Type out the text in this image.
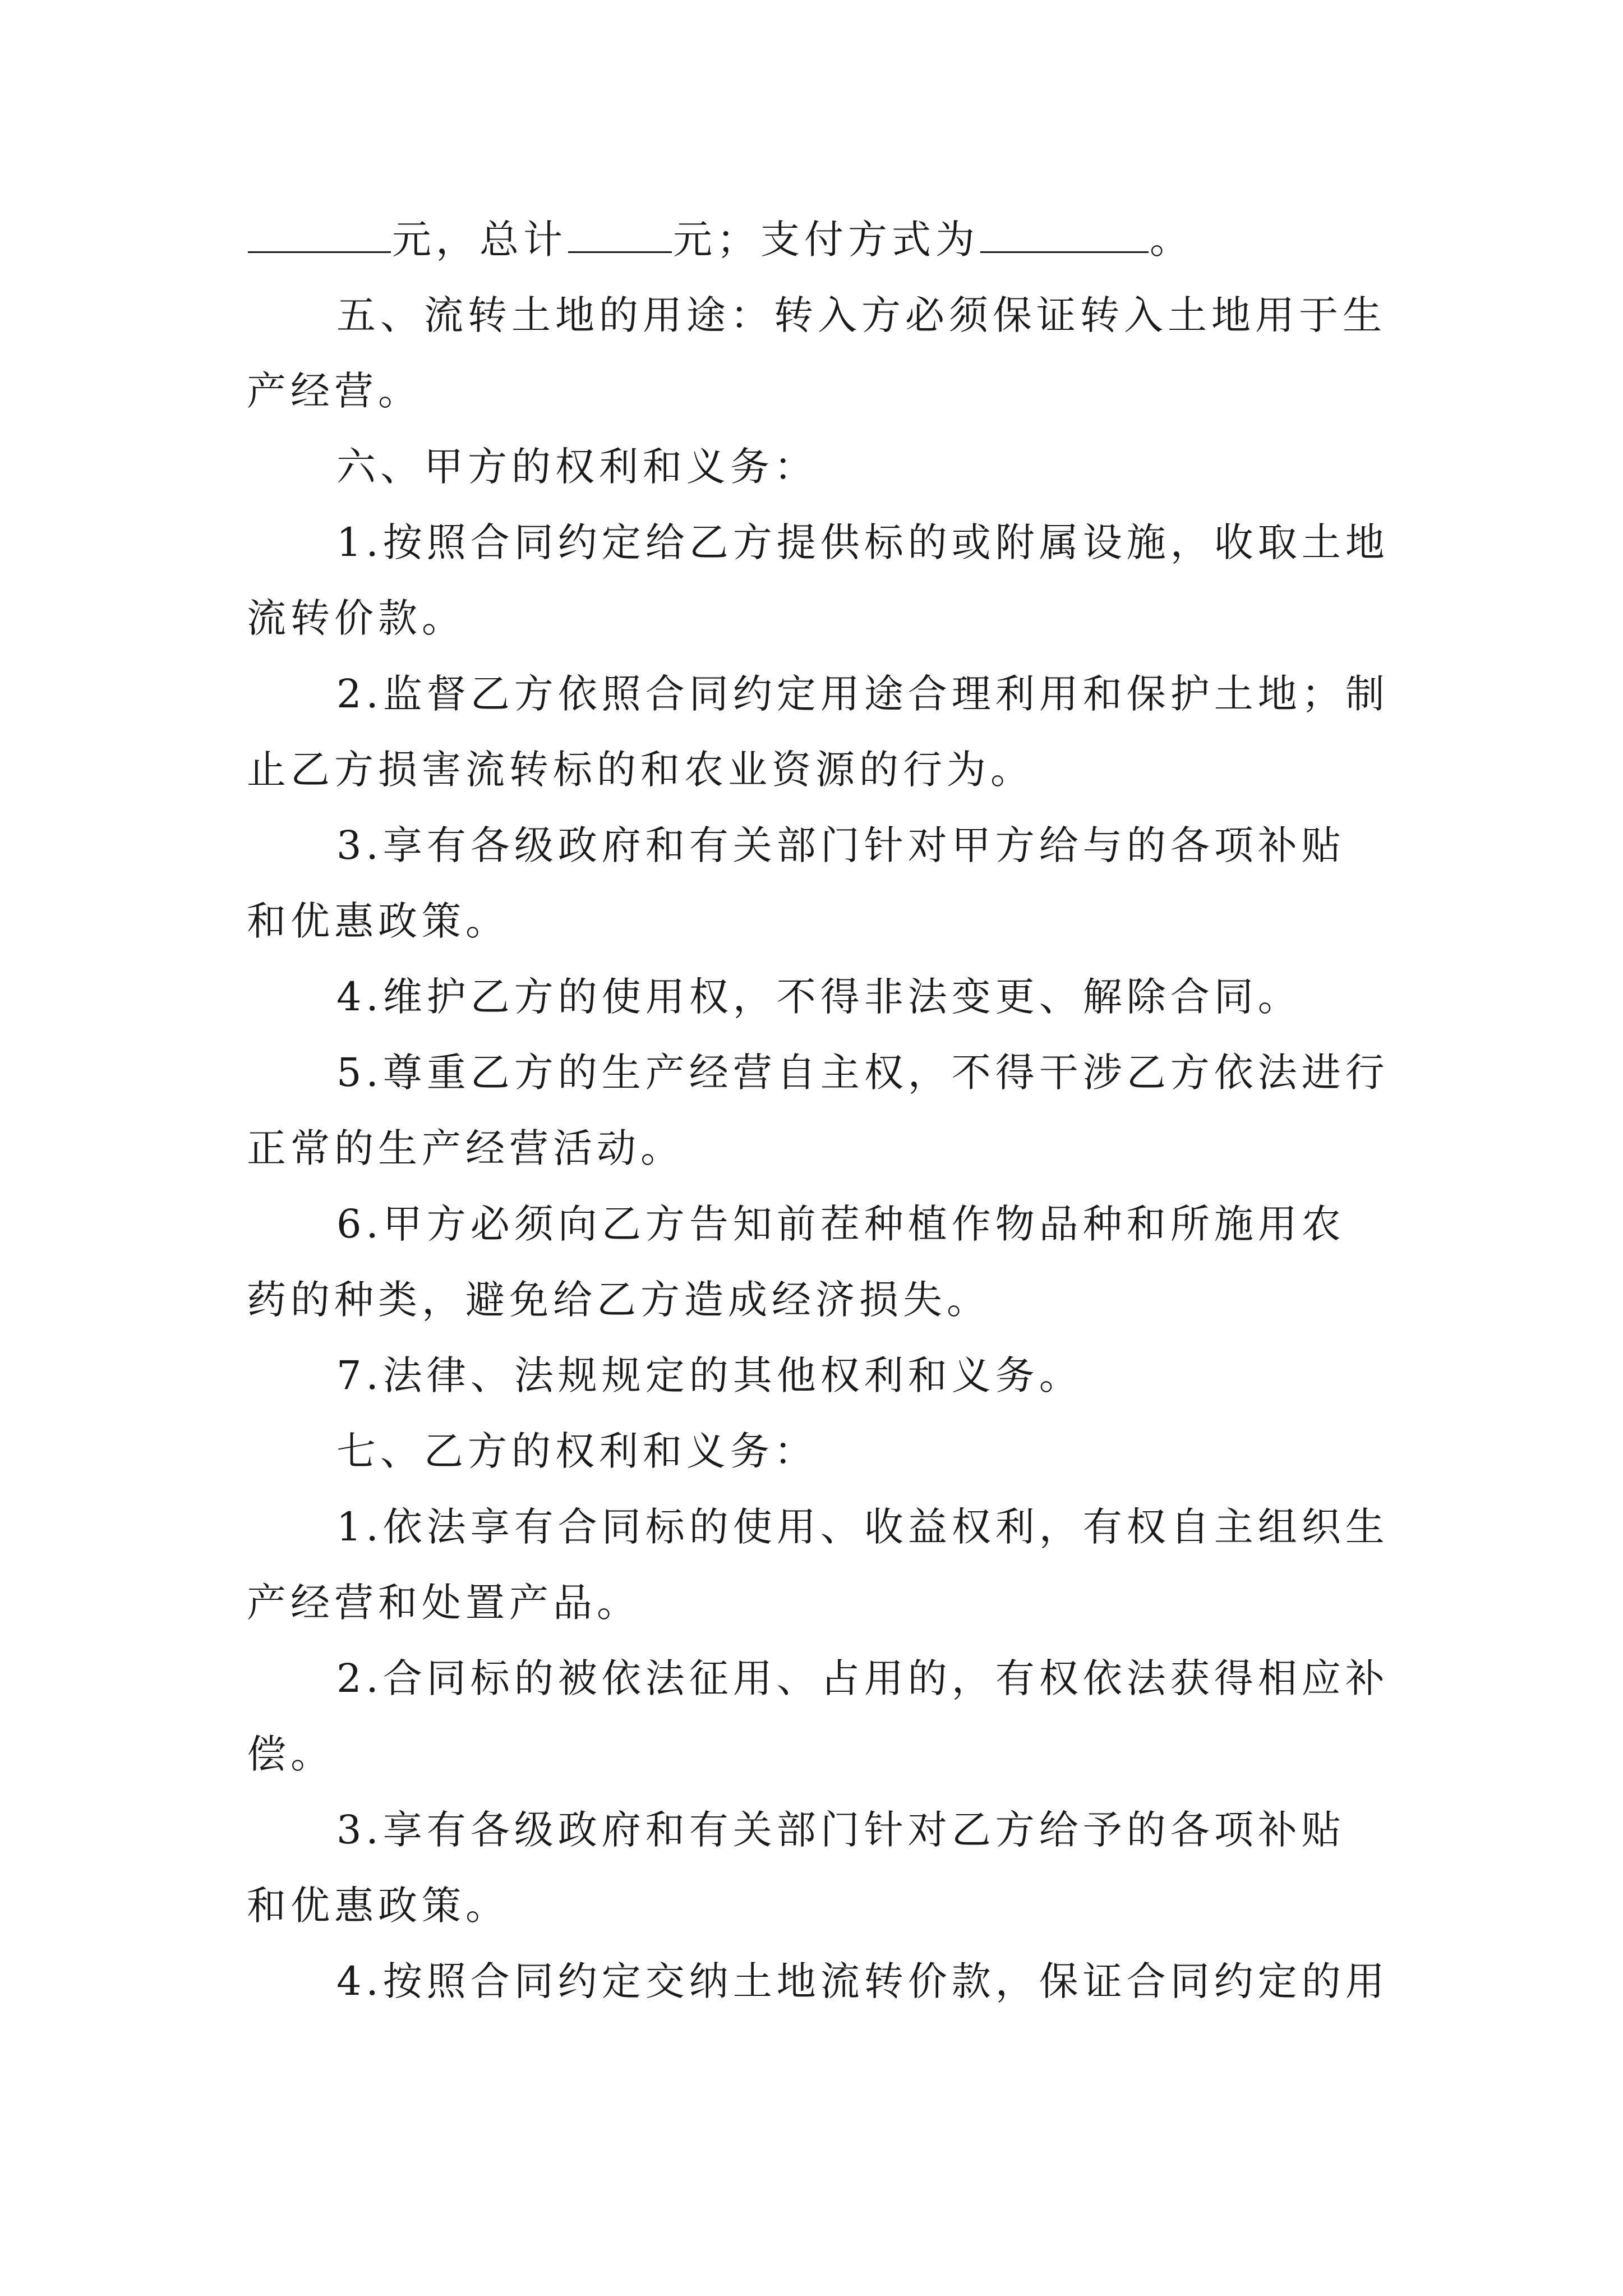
元，总计	元；支付方式为	。
五、流转土地的用途：转入方必须保证转入土地用于生
产经营。
六、甲方的权利和义务：
1.按照合同约定给乙方提供标的或附属设施，收取土地
流转价款。
2.监督乙方依照合同约定用途合理利用和保护土地；制
止乙方损害流转标的和农业资源的行为。
3.享有各级政府和有关部门针对甲方给与的各项补贴
和优惠政策。
4.维护乙方的使用权，不得非法变更、解除合同。
5.尊重乙方的生产经营自主权，不得干涉乙方依法进行
正常的生产经营活动。
6.甲方必须向乙方告知前茬种植作物品种和所施用农
药的种类，避免给乙方造成经济损失。
7.法律、法规规定的其他权利和义务。
七、乙方的权利和义务：
1.依法享有合同标的使用、收益权利，有权自主组织生
产经营和处置产品。
2.合同标的被依法征用、占用的，有权依法获得相应补
偿。
3.享有各级政府和有关部门针对乙方给予的各项补贴
和优惠政策。
4.按照合同约定交纳土地流转价款，保证合同约定的用
